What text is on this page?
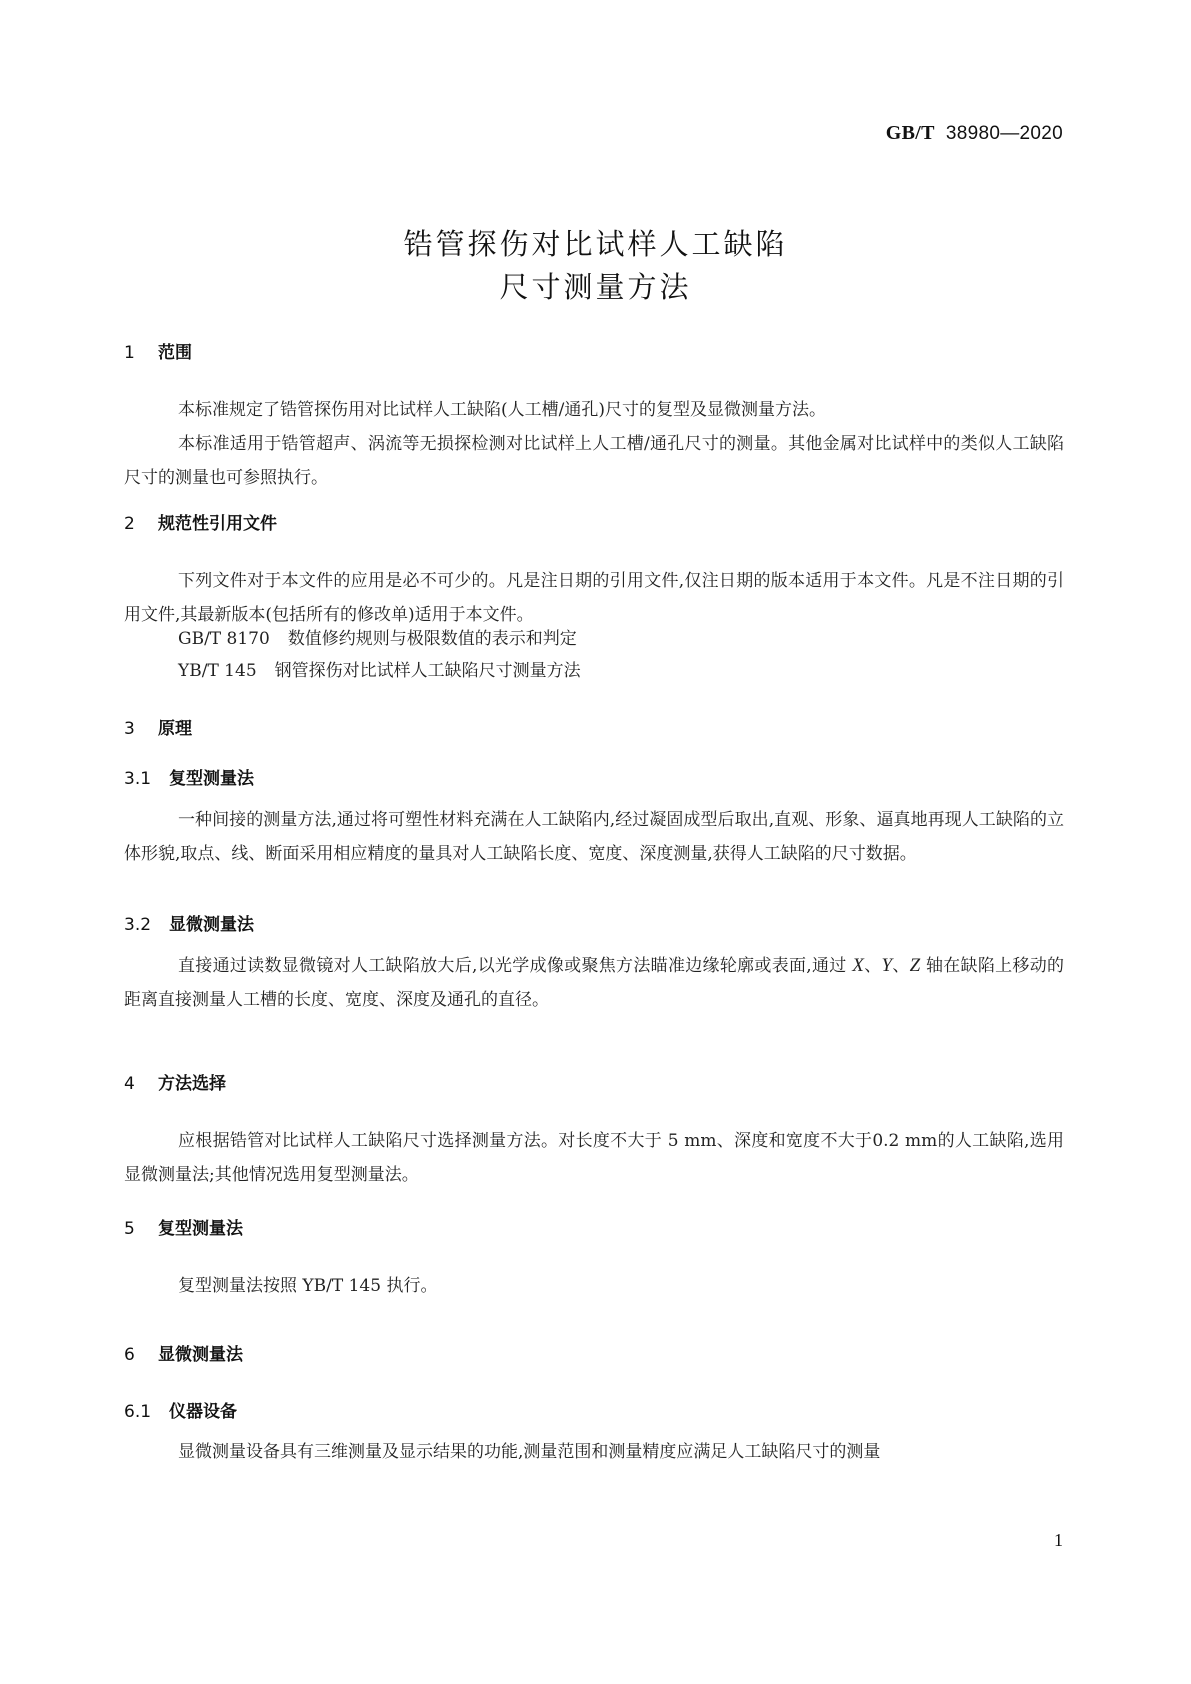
GB/T 38980—2020
锆管探伤对比试样人工缺陷
尺寸测量方法
1 范围
本标准规定了锆管探伤用对比试样人工缺陷(人工槽/通孔)尺寸的复型及显微测量方法。
本标准适用于锆管超声、涡流等无损探检测对比试样上人工槽/通孔尺寸的测量。其他金属对比试样中的类似人工缺陷尺寸的测量也可参照执行。
2 规范性引用文件
下列文件对于本文件的应用是必不可少的。凡是注日期的引用文件,仅注日期的版本适用于本文件。凡是不注日期的引用文件,其最新版本(包括所有的修改单)适用于本文件。
GB/T 8170 数值修约规则与极限数值的表示和判定
YB/T 145 钢管探伤对比试样人工缺陷尺寸测量方法
3 原理
3.1 复型测量法
一种间接的测量方法,通过将可塑性材料充满在人工缺陷内,经过凝固成型后取出,直观、形象、逼真地再现人工缺陷的立体形貌,取点、线、断面采用相应精度的量具对人工缺陷长度、宽度、深度测量,获得人工缺陷的尺寸数据。
3.2 显微测量法
直接通过读数显微镜对人工缺陷放大后,以光学成像或聚焦方法瞄准边缘轮廓或表面,通过 X、Y、Z 轴在缺陷上移动的距离直接测量人工槽的长度、宽度、深度及通孔的直径。
4 方法选择
应根据锆管对比试样人工缺陷尺寸选择测量方法。对长度不大于 5 mm、深度和宽度不大于0.2 mm的人工缺陷,选用显微测量法;其他情况选用复型测量法。
5 复型测量法
复型测量法按照 YB/T 145 执行。
6 显微测量法
6.1 仪器设备
显微测量设备具有三维测量及显示结果的功能,测量范围和测量精度应满足人工缺陷尺寸的测量
1
